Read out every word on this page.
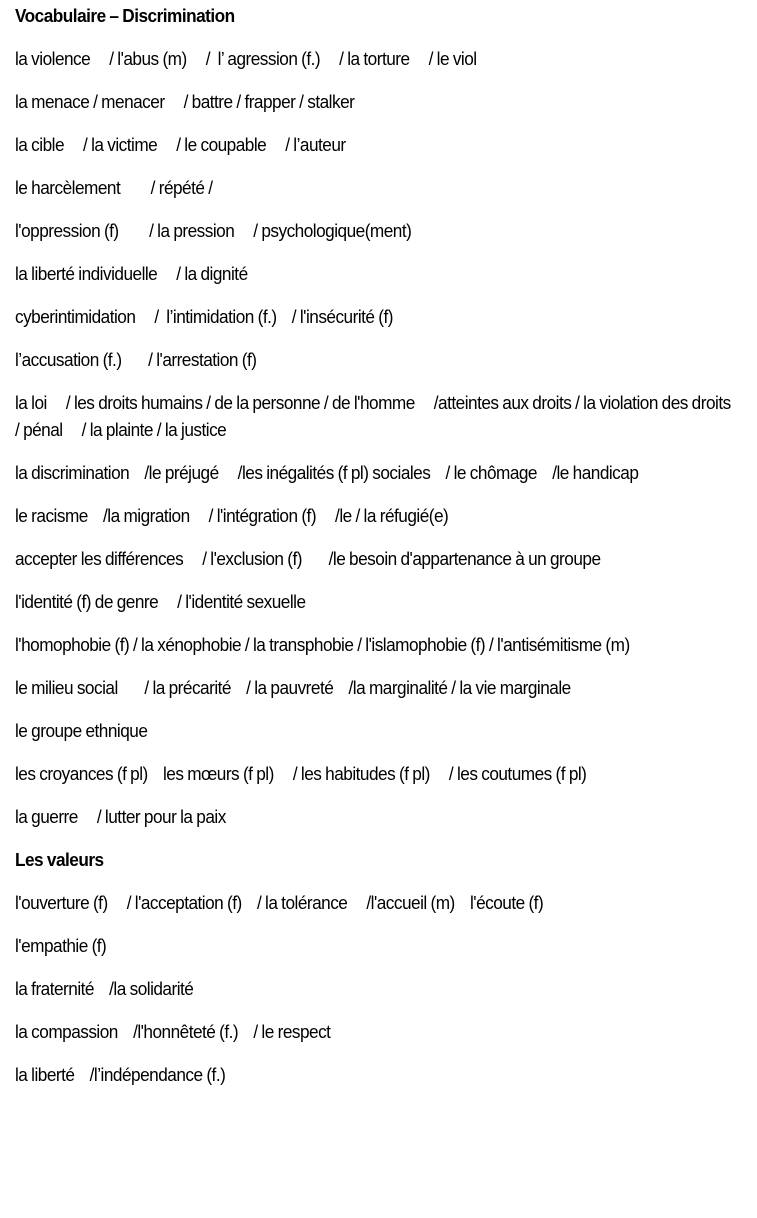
Vocabulaire – Discrimination
la violence     / l'abus (m)     /  l’ agression (f.)     / la torture     / le viol
la menace / menacer     / battre / frapper / stalker
la cible     / la victime     / le coupable     / l’auteur
le harcèlement        / répété /
l'oppression (f)        / la pression     / psychologique(ment)
la liberté individuelle     / la dignité
cyberintimidation     /  l’intimidation (f.)    / l'insécurité (f)
l’accusation (f.)       / l'arrestation (f)
la loi     / les droits humains / de la personne / de l'homme     /atteintes aux droits / la violation des droits    / pénal     / la plainte / la justice
la discrimination    /le préjugé     /les inégalités (f pl) sociales    / le chômage    /le handicap
le racisme    /la migration     / l'intégration (f)     /le / la réfugié(e)
accepter les différences     / l'exclusion (f)       /le besoin d'appartenance à un groupe
l'identité (f) de genre     / l'identité sexuelle
l'homophobie (f) / la xénophobie / la transphobie / l'islamophobie (f) / l'antisémitisme (m)
le milieu social       / la précarité    / la pauvreté    /la marginalité / la vie marginale
le groupe ethnique
les croyances (f pl)    les mœurs (f pl)     / les habitudes (f pl)     / les coutumes (f pl)
la guerre     / lutter pour la paix
Les valeurs
l'ouverture (f)     / l'acceptation (f)    / la tolérance     /l'accueil (m)    l'écoute (f)
l'empathie (f)
la fraternité    /la solidarité
la compassion    /l'honnêteté (f.)    / le respect
la liberté    /l’indépendance (f.)
